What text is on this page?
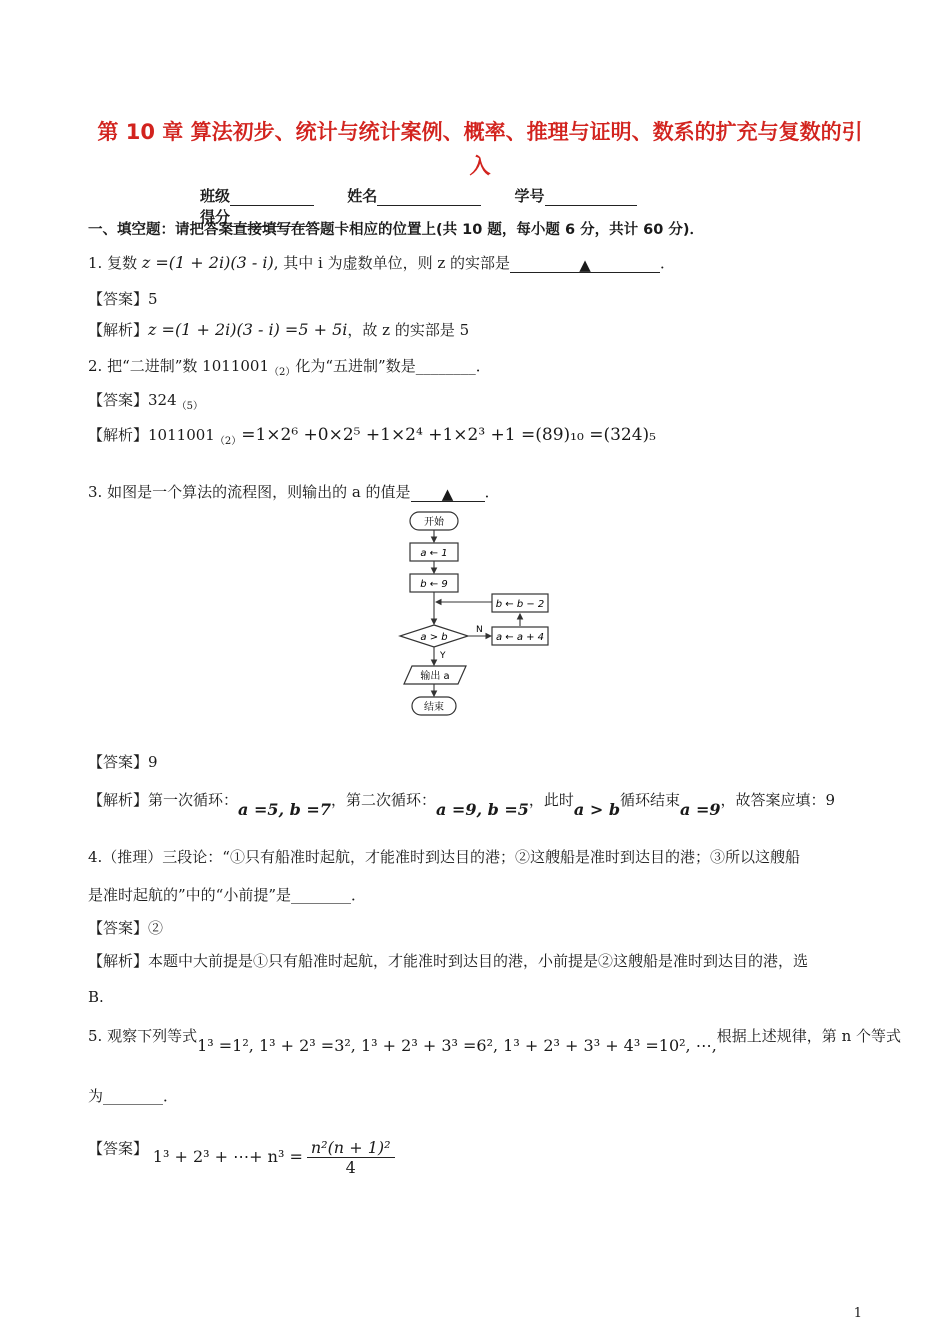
第 10 章 算法初步、统计与统计案例、概率、推理与证明、数系的扩充与复数的引
入
班级	姓名	学号 得分
一、填空题：请把答案直接填写在答题卡相应的位置上(共 10 题，每小题 6 分，共计 60 分)．
1. 复数 z =(1 + 2i)(3 - i), 其中 i 为虚数单位，则 z 的实部是	▲	．
【答案】5
【解析】z =(1 + 2i)(3 - i) =5 + 5i，故 z 的实部是 5
2. 把“二进制”数 $1011001_{(2)}$化为“五进制”数是________．
【答案】$324_{(5)}$
【解析】$1011001_{(2)}=1\times 2^6 +0\times 2^5 +1\times 2^4 +1\times 2^3 +1 =(89)_{10} =(324)_5$
3. 如图是一个算法的流程图，则输出的 a 的值是 ▲ ．
开始
a ← 1
b ← 9
b ← b − 2
a > b
N
a ← a + 4
Y
输出 a
结束
【答案】9
【解析】第一次循环：a =5, b =7，第二次循环：a =9, b =5，此时a > b循环结束a =9，故答案应填：9
4.（推理）三段论：“①只有船准时起航，才能准时到达目的港；②这艘船是准时到达目的港；③所以这艘船
是准时起航的”中的“小前提”是________．
【答案】②
【解析】本题中大前提是①只有船准时起航，才能准时到达目的港，小前提是②这艘船是准时到达目的港，选
B.
5. 观察下列等式1³ =1², 1³ + 2³ =3², 1³ + 2³ + 3³ =6², 1³ + 2³ + 3³ + 4³ =10², ⋯,根据上述规律，第 n 个等式
为________．
【答案】 1³ + 2³ + ⋯+ $n^3 = \frac{\text{n²(n + 1)²}}{4}$
1
